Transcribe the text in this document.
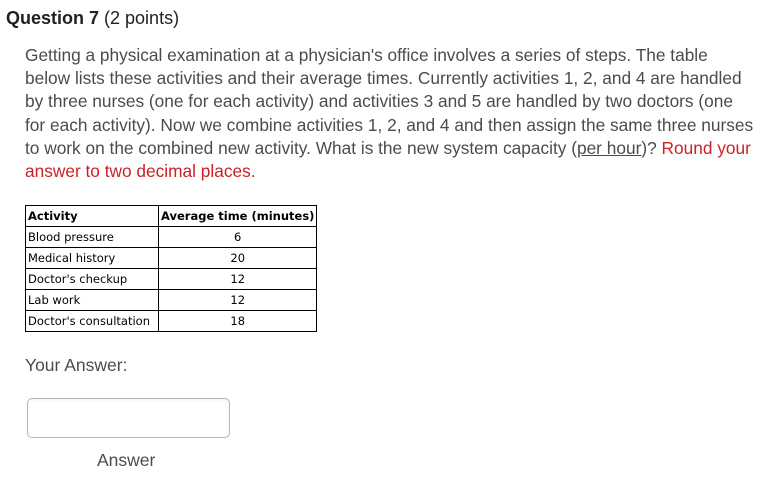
Question 7 (2 points)
Getting a physical examination at a physician's office involves a series of steps. The table below lists these activities and their average times. Currently activities 1, 2, and 4 are handled by three nurses (one for each activity) and activities 3 and 5 are handled by two doctors (one for each activity). Now we combine activities 1, 2, and 4 and then assign the same three nurses to work on the combined new activity. What is the new system capacity (per hour)? Round your answer to two decimal places.
Activity	Average time (minutes)
Blood pressure	6
Medical history	20
Doctor's checkup	12
Lab work	12
Doctor's consultation	18
Your Answer:
Answer
